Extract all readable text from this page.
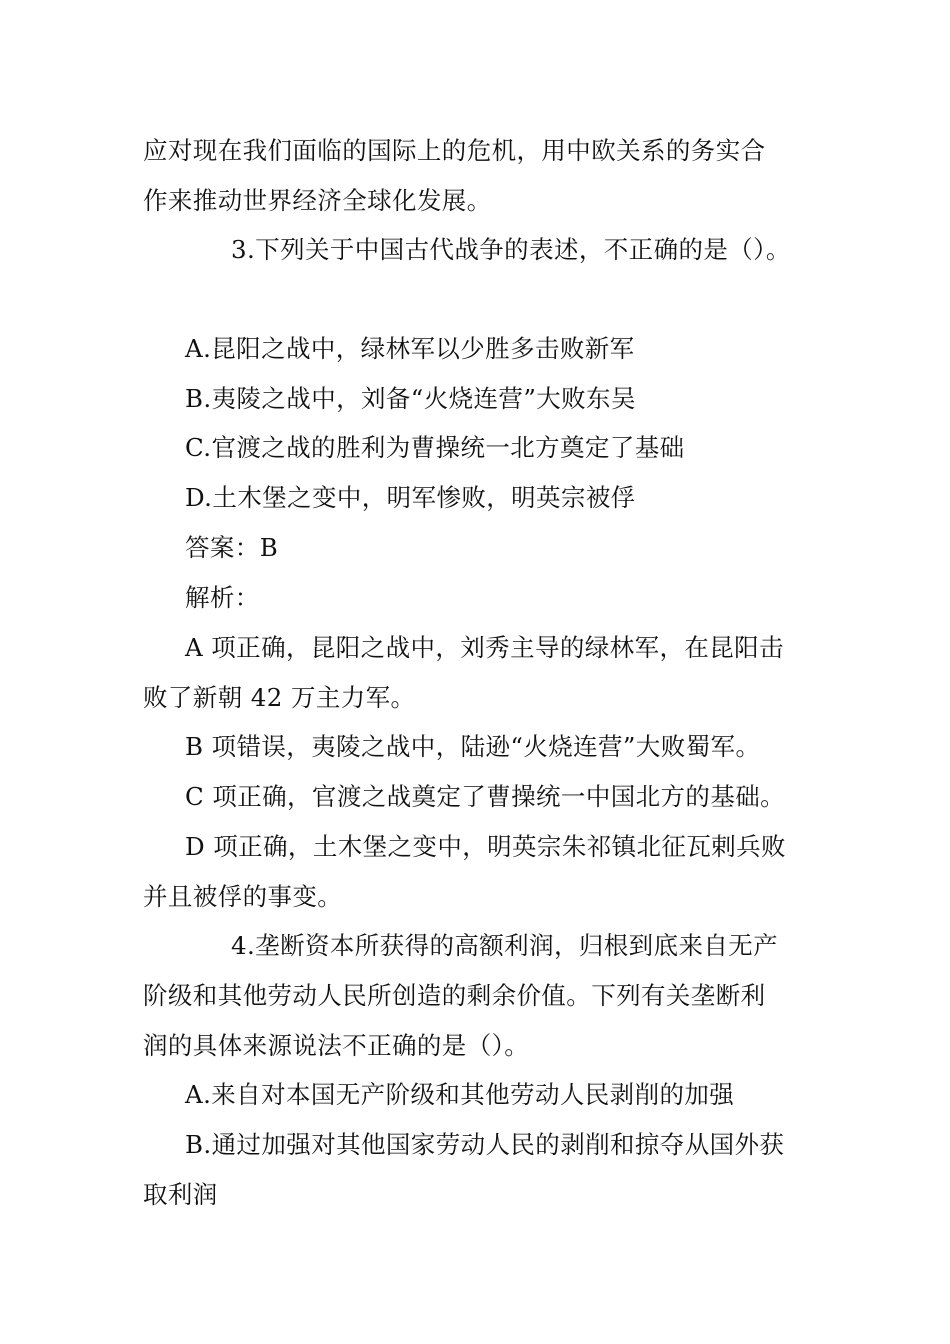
应对现在我们面临的国际上的危机，用中欧关系的务实合
作来推动世界经济全球化发展。
3.下列关于中国古代战争的表述，不正确的是（）。
A.昆阳之战中，绿林军以少胜多击败新军
B.夷陵之战中，刘备“火烧连营”大败东吴
C.官渡之战的胜利为曹操统一北方奠定了基础
D.土木堡之变中，明军惨败，明英宗被俘
答案：B
解析：
A 项正确，昆阳之战中，刘秀主导的绿林军，在昆阳击
败了新朝 42 万主力军。
B 项错误，夷陵之战中，陆逊“火烧连营”大败蜀军。
C 项正确，官渡之战奠定了曹操统一中国北方的基础。
D 项正确，土木堡之变中，明英宗朱祁镇北征瓦剌兵败
并且被俘的事变。
4.垄断资本所获得的高额利润，归根到底来自无产
阶级和其他劳动人民所创造的剩余价值。下列有关垄断利
润的具体来源说法不正确的是（）。
A.来自对本国无产阶级和其他劳动人民剥削的加强
B.通过加强对其他国家劳动人民的剥削和掠夺从国外获
取利润
